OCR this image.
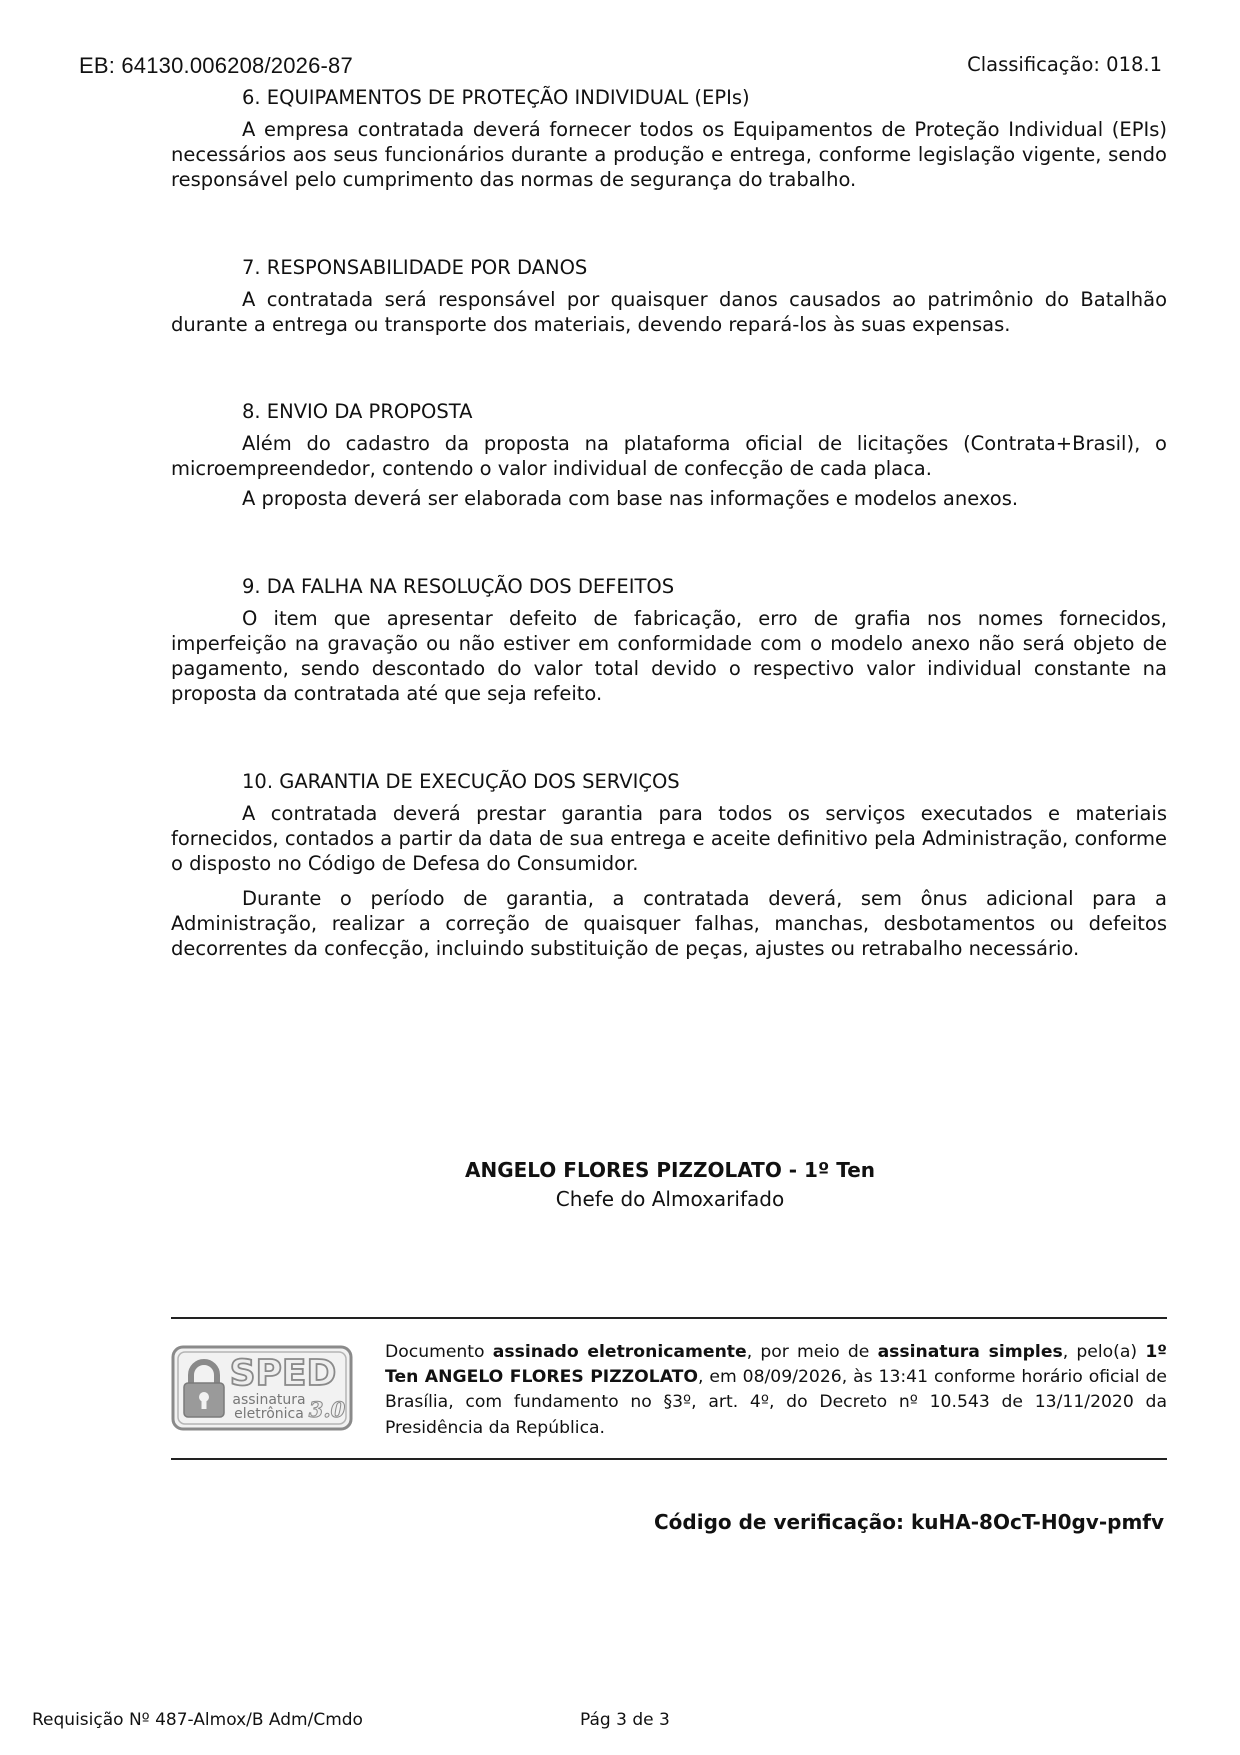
EB: 64130.006208/2026-87	Classificação: 018.1
6. EQUIPAMENTOS DE PROTEÇÃO INDIVIDUAL (EPIs)

A empresa contratada deverá fornecer todos os Equipamentos de Proteção Individual (EPIs) necessários aos seus funcionários durante a produção e entrega, conforme legislação vigente, sendo responsável pelo cumprimento das normas de segurança do trabalho.

7. RESPONSABILIDADE POR DANOS

A contratada será responsável por quaisquer danos causados ao patrimônio do Batalhão durante a entrega ou transporte dos materiais, devendo repará-los às suas expensas.

8. ENVIO DA PROPOSTA

Além do cadastro da proposta na plataforma oficial de licitações (Contrata+Brasil), o microempreendedor, contendo o valor individual de confecção de cada placa.

A proposta deverá ser elaborada com base nas informações e modelos anexos.

9. DA FALHA NA RESOLUÇÃO DOS DEFEITOS

O item que apresentar defeito de fabricação, erro de grafia nos nomes fornecidos, imperfeição na gravação ou não estiver em conformidade com o modelo anexo não será objeto de pagamento, sendo descontado do valor total devido o respectivo valor individual constante na proposta da contratada até que seja refeito.

10. GARANTIA DE EXECUÇÃO DOS SERVIÇOS

A contratada deverá prestar garantia para todos os serviços executados e materiais fornecidos, contados a partir da data de sua entrega e aceite definitivo pela Administração, conforme o disposto no Código de Defesa do Consumidor.

Durante o período de garantia, a contratada deverá, sem ônus adicional para a Administração, realizar a correção de quaisquer falhas, manchas, desbotamentos ou defeitos decorrentes da confecção, incluindo substituição de peças, ajustes ou retrabalho necessário.

ANGELO FLORES PIZZOLATO - 1º Ten
Chefe do Almoxarifado
SPED
assinatura
eletrônica 3.0

Documento assinado eletronicamente, por meio de assinatura simples, pelo(a) 1º Ten ANGELO FLORES PIZZOLATO, em 08/09/2026, às 13:41 conforme horário oficial de Brasília, com fundamento no §3º, art. 4º, do Decreto nº 10.543 de 13/11/2020 da Presidência da República.

Código de verificação: kuHA-8OcT-H0gv-pmfv
Requisição Nº 487-Almox/B Adm/Cmdo	Pág 3 de 3
